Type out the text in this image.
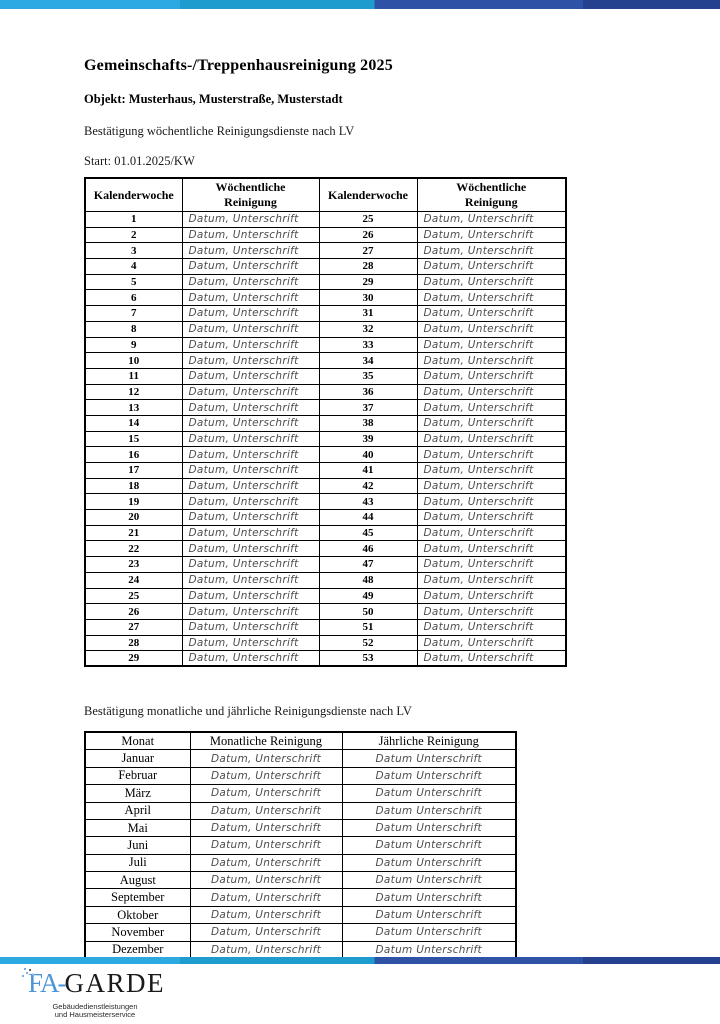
Gemeinschafts-/Treppenhausreinigung 2025
Objekt: Musterhaus, Musterstraße, Musterstadt
Bestätigung wöchentliche Reinigungsdienste nach LV
Start: 01.01.2025/KW
Kalenderwoche	Wöchentliche Reinigung	Kalenderwoche	Wöchentliche Reinigung
1	Datum, Unterschrift	25	Datum, Unterschrift
2	Datum, Unterschrift	26	Datum, Unterschrift
3	Datum, Unterschrift	27	Datum, Unterschrift
4	Datum, Unterschrift	28	Datum, Unterschrift
5	Datum, Unterschrift	29	Datum, Unterschrift
6	Datum, Unterschrift	30	Datum, Unterschrift
7	Datum, Unterschrift	31	Datum, Unterschrift
8	Datum, Unterschrift	32	Datum, Unterschrift
9	Datum, Unterschrift	33	Datum, Unterschrift
10	Datum, Unterschrift	34	Datum, Unterschrift
11	Datum, Unterschrift	35	Datum, Unterschrift
12	Datum, Unterschrift	36	Datum, Unterschrift
13	Datum, Unterschrift	37	Datum, Unterschrift
14	Datum, Unterschrift	38	Datum, Unterschrift
15	Datum, Unterschrift	39	Datum, Unterschrift
16	Datum, Unterschrift	40	Datum, Unterschrift
17	Datum, Unterschrift	41	Datum, Unterschrift
18	Datum, Unterschrift	42	Datum, Unterschrift
19	Datum, Unterschrift	43	Datum, Unterschrift
20	Datum, Unterschrift	44	Datum, Unterschrift
21	Datum, Unterschrift	45	Datum, Unterschrift
22	Datum, Unterschrift	46	Datum, Unterschrift
23	Datum, Unterschrift	47	Datum, Unterschrift
24	Datum, Unterschrift	48	Datum, Unterschrift
25	Datum, Unterschrift	49	Datum, Unterschrift
26	Datum, Unterschrift	50	Datum, Unterschrift
27	Datum, Unterschrift	51	Datum, Unterschrift
28	Datum, Unterschrift	52	Datum, Unterschrift
29	Datum, Unterschrift	53	Datum, Unterschrift
Bestätigung monatliche und jährliche Reinigungsdienste nach LV
Monat	Monatliche Reinigung	Jährliche Reinigung
Januar	Datum, Unterschrift	Datum Unterschrift
Februar	Datum, Unterschrift	Datum Unterschrift
März	Datum, Unterschrift	Datum Unterschrift
April	Datum, Unterschrift	Datum Unterschrift
Mai	Datum, Unterschrift	Datum Unterschrift
Juni	Datum, Unterschrift	Datum Unterschrift
Juli	Datum, Unterschrift	Datum Unterschrift
August	Datum, Unterschrift	Datum Unterschrift
September	Datum, Unterschrift	Datum Unterschrift
Oktober	Datum, Unterschrift	Datum Unterschrift
November	Datum, Unterschrift	Datum Unterschrift
Dezember	Datum, Unterschrift	Datum Unterschrift
FA -
GARDE
Gebäudedienstleistungen
und Hausmeisterservice
